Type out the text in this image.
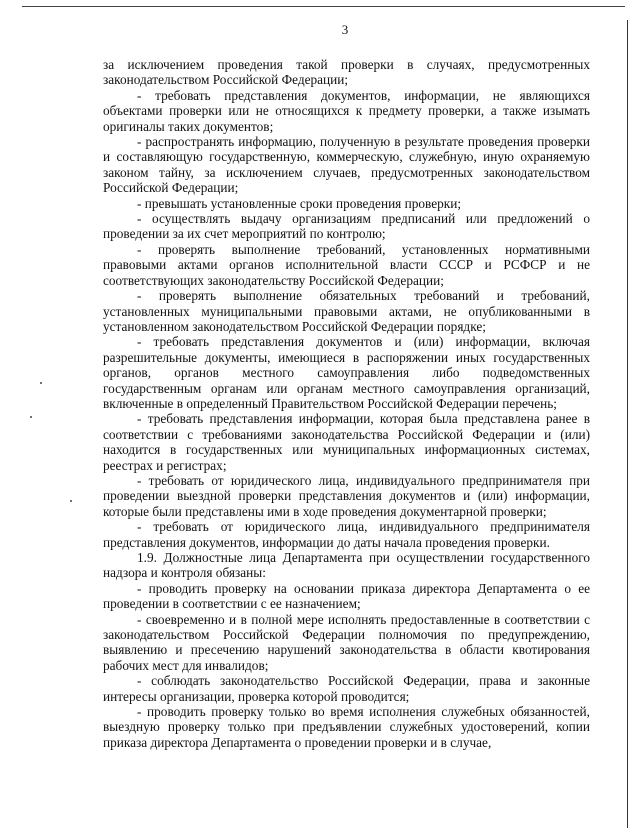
3

за исключением проведения такой проверки в случаях, предусмотренных законодательством Российской Федерации;

- требовать представления документов, информации, не являющихся объектами проверки или не относящихся к предмету проверки, а также изымать оригиналы таких документов;

- распространять информацию, полученную в результате проведения проверки и составляющую государственную, коммерческую, служебную, иную охраняемую законом тайну, за исключением случаев, предусмотренных законодательством Российской Федерации;

- превышать установленные сроки проведения проверки;

- осуществлять выдачу организациям предписаний или предложений о проведении за их счет мероприятий по контролю;

- проверять выполнение требований, установленных нормативными правовыми актами органов исполнительной власти СССР и РСФСР и не соответствующих законодательству Российской Федерации;

- проверять выполнение обязательных требований и требований, установленных муниципальными правовыми актами, не опубликованными в установленном законодательством Российской Федерации порядке;

- требовать представления документов и (или) информации, включая разрешительные документы, имеющиеся в распоряжении иных государственных органов, органов местного самоуправления либо подведомственных государственным органам или органам местного самоуправления организаций, включенные в определенный Правительством Российской Федерации перечень;

- требовать представления информации, которая была представлена ранее в соответствии с требованиями законодательства Российской Федерации и (или) находится в государственных или муниципальных информационных системах, реестрах и регистрах;

- требовать от юридического лица, индивидуального предпринимателя при проведении выездной проверки представления документов и (или) информации, которые были представлены ими в ходе проведения документарной проверки;

- требовать от юридического лица, индивидуального предпринимателя представления документов, информации до даты начала проведения проверки.

1.9. Должностные лица Департамента при осуществлении государственного надзора и контроля обязаны:

- проводить проверку на основании приказа директора Департамента о ее проведении в соответствии с ее назначением;

- своевременно и в полной мере исполнять предоставленные в соответствии с законодательством Российской Федерации полномочия по предупреждению, выявлению и пресечению нарушений законодательства в области квотирования рабочих мест для инвалидов;

- соблюдать законодательство Российской Федерации, права и законные интересы организации, проверка которой проводится;

- проводить проверку только во время исполнения служебных обязанностей, выездную проверку только при предъявлении служебных удостоверений, копии приказа директора Департамента о проведении проверки и в случае,
